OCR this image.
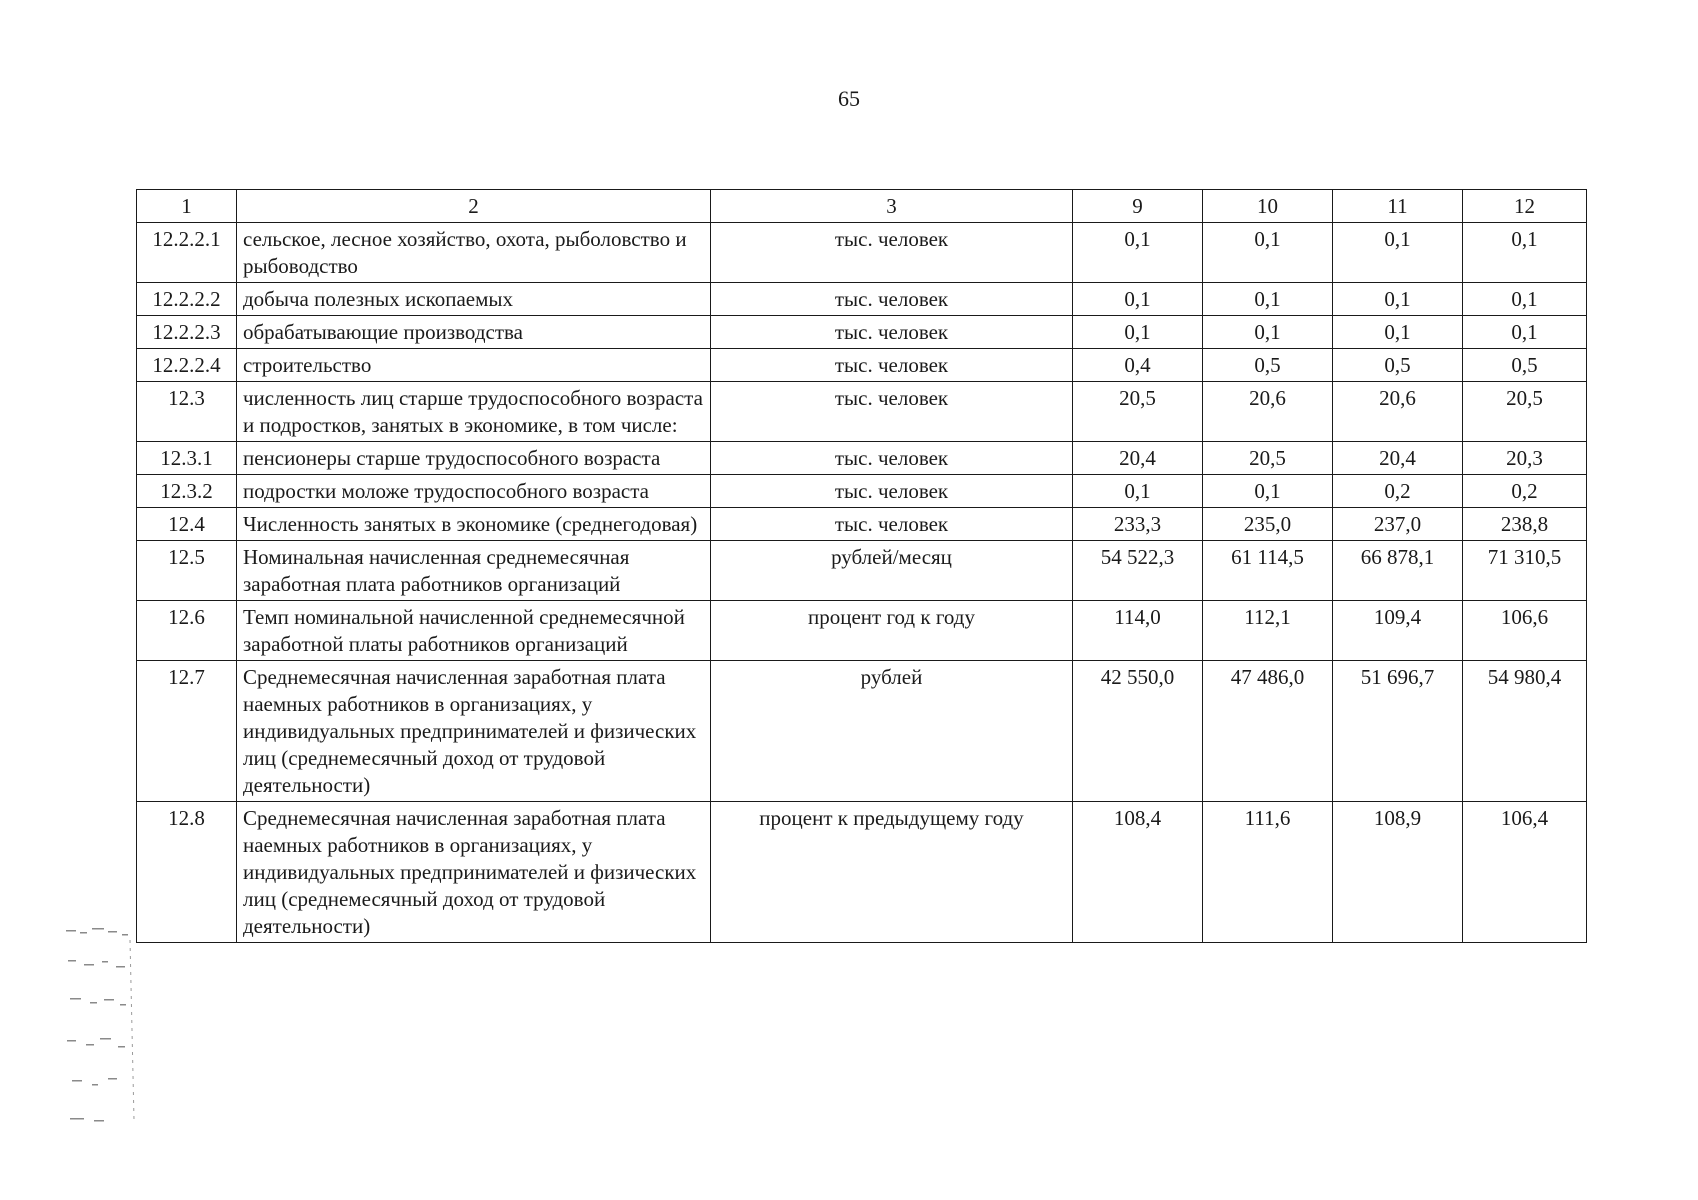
65
1	2	3	9	10	11	12
12.2.2.1	сельское, лесное хозяйство, охота, рыболовство и рыбоводство	тыс. человек	0,1	0,1	0,1	0,1
12.2.2.2	добыча полезных ископаемых	тыс. человек	0,1	0,1	0,1	0,1
12.2.2.3	обрабатывающие производства	тыс. человек	0,1	0,1	0,1	0,1
12.2.2.4	строительство	тыс. человек	0,4	0,5	0,5	0,5
12.3	численность лиц старше трудоспособного возраста и подростков, занятых в экономике, в том числе:	тыс. человек	20,5	20,6	20,6	20,5
12.3.1	пенсионеры старше трудоспособного возраста	тыс. человек	20,4	20,5	20,4	20,3
12.3.2	подростки моложе трудоспособного возраста	тыс. человек	0,1	0,1	0,2	0,2
12.4	Численность занятых в экономике (среднегодовая)	тыс. человек	233,3	235,0	237,0	238,8
12.5	Номинальная начисленная среднемесячная заработная плата работников организаций	рублей/месяц	54 522,3	61 114,5	66 878,1	71 310,5
12.6	Темп номинальной начисленной среднемесячной заработной платы работников организаций	процент год к году	114,0	112,1	109,4	106,6
12.7	Среднемесячная начисленная заработная плата наемных работников в организациях, у индивидуальных предпринимателей и физических лиц (среднемесячный доход от трудовой деятельности)	рублей	42 550,0	47 486,0	51 696,7	54 980,4
12.8	Среднемесячная начисленная заработная плата наемных работников в организациях, у индивидуальных предпринимателей и физических лиц (среднемесячный доход от трудовой деятельности)	процент к предыдущему году	108,4	111,6	108,9	106,4
